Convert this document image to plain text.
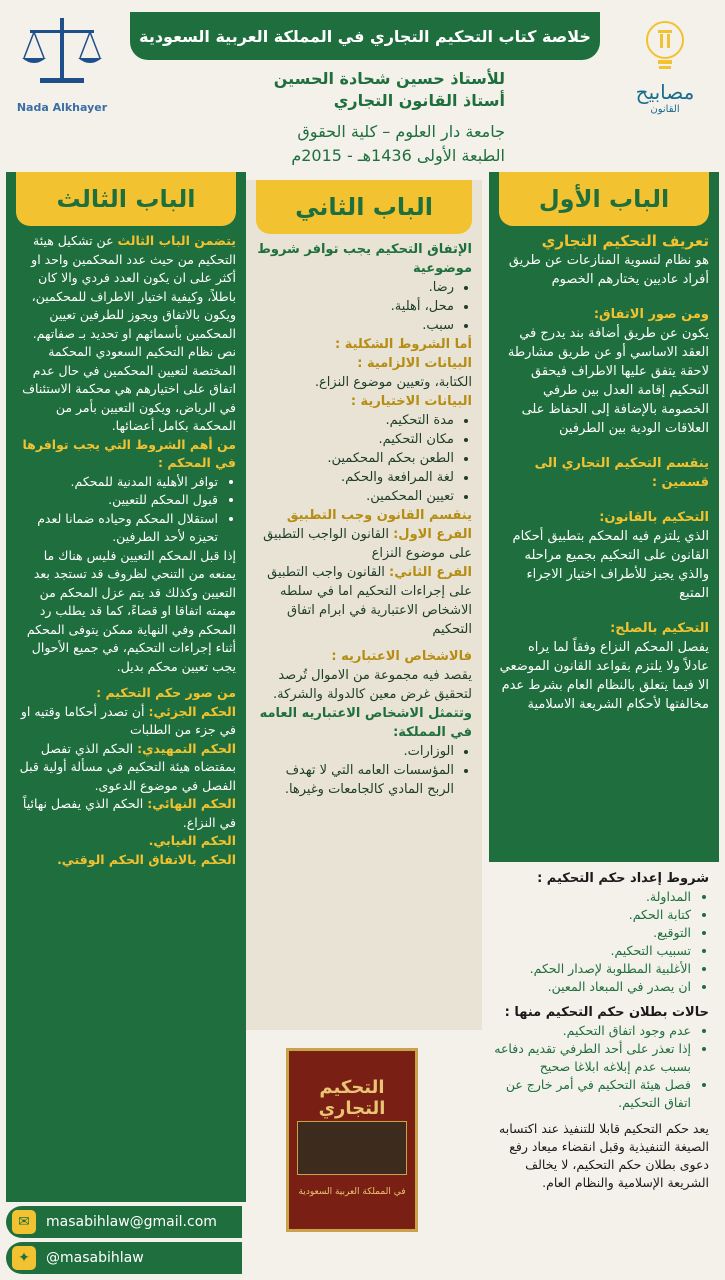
خلاصة كتاب التحكيم التجاري في المملكة العربية السعودية
Nada Alkhayer
مصابيح
القانون
للأستاذ حسين شحادة الحسين
أستاذ القانون التجاري
جامعة دار العلوم – كلية الحقوق
الطبعة الأولى 1436هـ - 2015م
الباب الأول
تعريف التحكيم التجاري
هو نظام لتسوية المنازعات عن طريق أفراد عاديين يختارهم الخصوم
ومن صور الاتفاق:
يكون عن طريق أضافة بند يدرج في العقد الاساسي أو عن طريق مشارطة لاحقة يتفق عليها الاطراف فيحقق التحكيم إقامة العدل بين طرفي الخصومة بالإضافة إلى الحفاظ على العلاقات الودية بين الطرفين
ينقسم التحكيم التجاري الى قسمين :
التحكيم بالقانون:
الذي يلتزم فيه المحكم بتطبيق أحكام القانون على التحكيم بجميع مراحله والذي يجيز للأطراف اختيار الاجراء المتبع
التحكيم بالصلح:
يفصل المحكم النزاع وفقاً لما يراه عادلاً ولا يلتزم بقواعد القانون الموضعي الا فيما يتعلق بالنظام العام بشرط عدم مخالفتها لأحكام الشريعة الاسلامية
الباب الثاني
الإتفاق التحكيم يجب توافر شروط موضوعية
• رضا.
• محل، أهلية.
• سبب.
أما الشروط الشكلية :
البيانات الالزامية :
الكتابة، وتعيين موضوع النزاع.
البيانات الاختيارية :
• مدة التحكيم.
• مكان التحكيم.
• الطعن بحكم المحكمين.
• لغة المرافعة والحكم.
• تعيين المحكمين.
ينقسم القانون وجب التطبيق
الفرع الاول: القانون الواجب التطبيق على موضوع النزاع
الفرع الثاني: القانون واجب التطبيق على إجراءات التحكيم اما في سلطه الاشخاص الاعتبارية في ابرام اتفاق التحكيم
فالاشخاص الاعتباريه :
يقصد فيه مجموعة من الاموال تُرصد لتحقيق غرض معين كالدولة والشركة.
وتتمثل الاشخاص الاعتباريه العامه في المملكة:
• الوزارات.
• المؤسسات العامه التي لا تهدف الربح المادي كالجامعات وغيرها.
التحكيم التجاري
في المملكة العربية السعودية
الباب الثالث
يتضمن الباب الثالث عن تشكيل هيئة التحكيم من حيث عدد المحكمين واحد او أكثر على ان يكون العدد فردي والا كان باطلاً، وكيفية اختيار الاطراف للمحكمين، ويكون بالاتفاق ويجوز للطرفين تعيين المحكمين بأسمائهم او تحديد بـ صفاتهم.
نص نظام التحكيم السعودي المحكمة المختصة لتعيين المحكمين في حال عدم اتفاق على اختيارهم هي محكمة الاستئناف في الرياض، ويكون التعيين بأمر من المحكمة بكامل أعضائها.
من أهم الشروط التي يجب توافرها في المحكم :
• توافر الأهلية المدنية للمحكم.
• قبول المحكم للتعيين.
• استقلال المحكم وحياده ضمانا لعدم تحيزه لأحد الطرفين.
إذا قبل المحكم التعيين فليس هناك ما يمنعه من التنحي لظروف قد تستجد بعد التعيين وكذلك قد يتم عزل المحكم من مهمته اتفاقا او قضاءً، كما قد يطلب رد المحكم وفي النهاية ممكن يتوفى المحكم أثناء إجراءات التحكيم، في جميع الأحوال يجب تعيين محكم بديل.
من صور حكم التحكيم :
الحكم الجزئي: أن تصدر أحكاما وقتيه او في جزء من الطلبات
الحكم التمهيدي: الحكم الذي تفصل بمقتضاه هيئة التحكيم في مسألة أولية قبل الفصل في موضوع الدعوى.
الحكم النهائي: الحكم الذي يفصل نهائياً في النزاع.
الحكم الغيابي.
الحكم بالاتفاق الحكم الوقتي.
شروط إعداد حكم التحكيم :
• المداولة.
• كتابة الحكم.
• التوقيع.
• تسبيب التحكيم.
• الأغلبية المطلوبة لإصدار الحكم.
• ان يصدر في المبعاد المعين.
حالات بطلان حكم التحكيم منها :
• عدم وجود اتفاق التحكيم.
• إذا تعذر على أحد الطرفي تقديم دفاعه بسبب عدم إبلاغه ابلاغا صحيح
• فصل هيئة التحكيم في أمر خارج عن اتفاق التحكيم.
يعد حكم التحكيم قابلا للتنفيذ عند اكتسابه الصيغة التنفيذية وقبل انقضاء ميعاد رفع دعوى بطلان حكم التحكيم، لا يخالف الشريعة الإسلامية والنظام العام.
✉	masabihlaw@gmail.com
✦	@masabihlaw
